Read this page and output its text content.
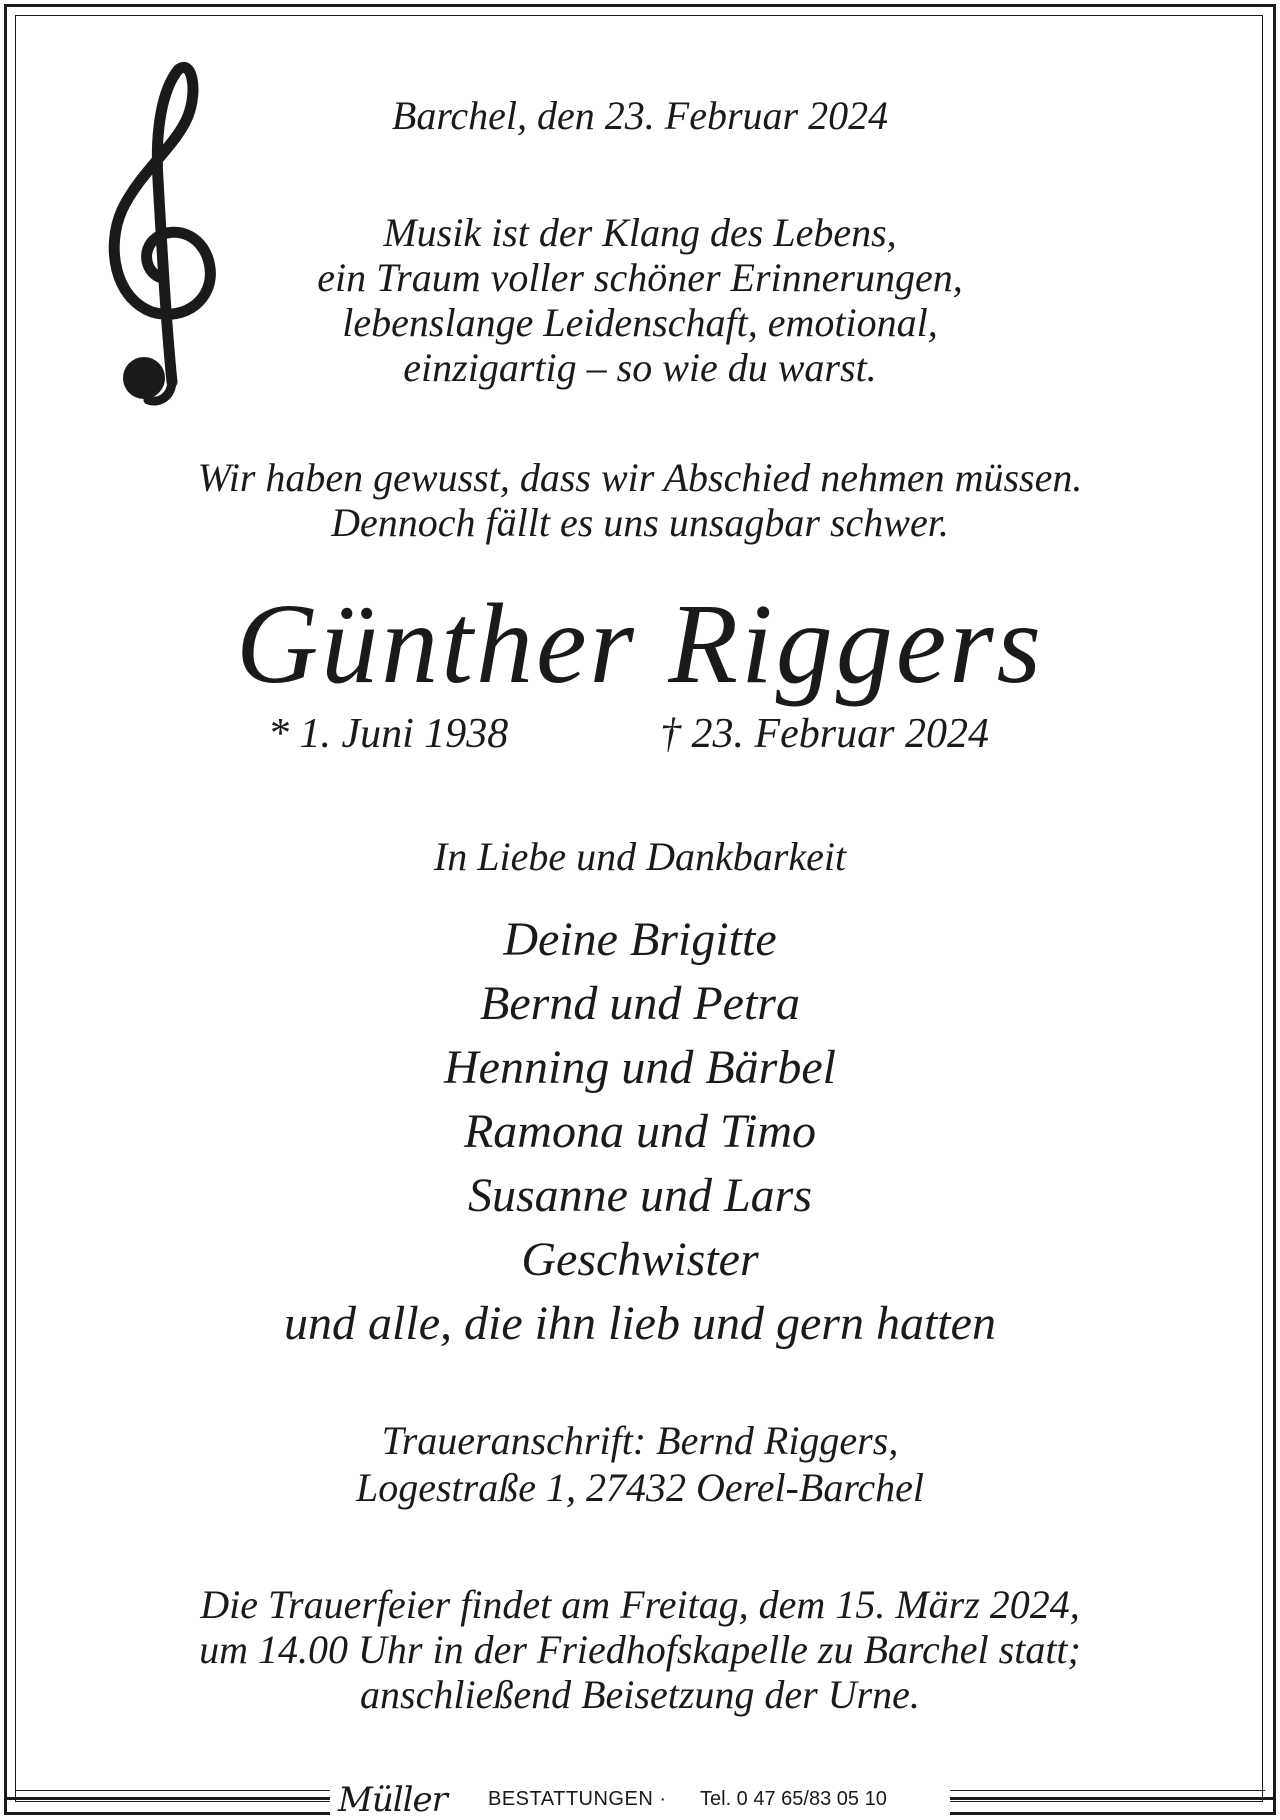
Barchel, den 23. Februar 2024
Musik ist der Klang des Lebens,
ein Traum voller schöner Erinnerungen,
lebenslange Leidenschaft, emotional,
einzigartig – so wie du warst.
Wir haben gewusst, dass wir Abschied nehmen müssen.
Dennoch fällt es uns unsagbar schwer.
Günther Riggers
* 1. Juni 1938	† 23. Februar 2024
In Liebe und Dankbarkeit
Deine Brigitte
Bernd und Petra
Henning und Bärbel
Ramona und Timo
Susanne und Lars
Geschwister
und alle, die ihn lieb und gern hatten
Traueranschrift: Bernd Riggers,
Logestraße 1, 27432 Oerel-Barchel
Die Trauerfeier findet am Freitag, dem 15. März 2024,
um 14.00 Uhr in der Friedhofskapelle zu Barchel statt;
anschließend Beisetzung der Urne.
Müller BESTATTUNGEN · Tel. 0 47 65/83 05 10
